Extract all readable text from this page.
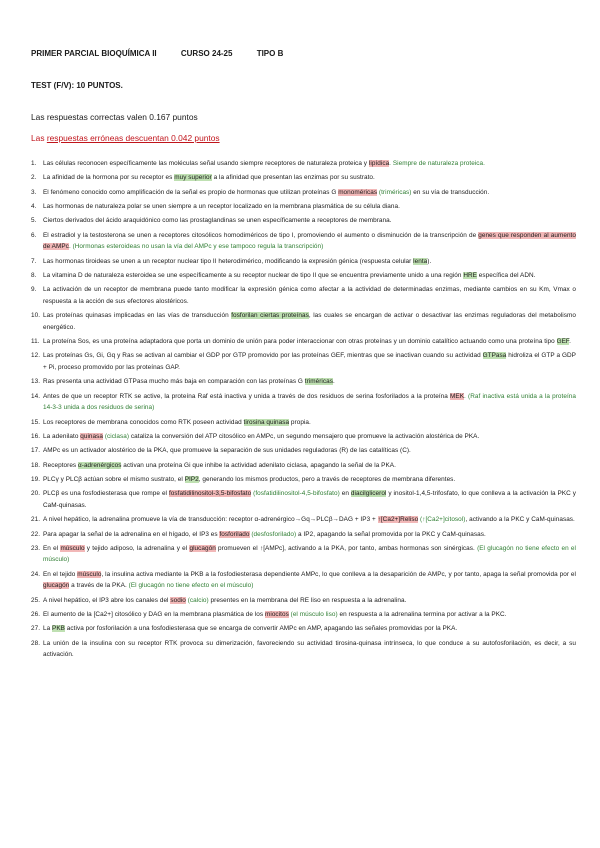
PRIMER PARCIAL BIOQUÍMICA II	CURSO 24-25	TIPO B
TEST (F/V): 10 PUNTOS.
Las respuestas correctas valen 0.167 puntos
Las respuestas erróneas descuentan 0.042 puntos
1. Las células reconocen específicamente las moléculas señal usando siempre receptores de naturaleza proteica y lipídica. Siempre de naturaleza proteica.
2. La afinidad de la hormona por su receptor es muy superior a la afinidad que presentan las enzimas por su sustrato.
3. El fenómeno conocido como amplificación de la señal es propio de hormonas que utilizan proteínas G monoméricas (triméricas) en su vía de transducción.
4. Las hormonas de naturaleza polar se unen siempre a un receptor localizado en la membrana plasmática de su célula diana.
5. Ciertos derivados del ácido araquidónico como las prostaglandinas se unen específicamente a receptores de membrana.
6. El estradiol y la testosterona se unen a receptores citosólicos homodiméricos de tipo I, promoviendo el aumento o disminución de la transcripción de genes que responden al aumento de AMPc. (Hormonas esteroideas no usan la vía del AMPc y ese tampoco regula la transcripción)
7. Las hormonas tiroideas se unen a un receptor nuclear tipo II heterodimérico, modificando la expresión génica (respuesta celular lenta).
8. La vitamina D de naturaleza esteroidea se une específicamente a su receptor nuclear de tipo II que se encuentra previamente unido a una región HRE específica del ADN.
9. La activación de un receptor de membrana puede tanto modificar la expresión génica como afectar a la actividad de determinadas enzimas, mediante cambios en su Km, Vmax o respuesta a la acción de sus efectores alostéricos.
10. Las proteínas quinasas implicadas en las vías de transducción fosforilan ciertas proteínas, las cuales se encargan de activar o desactivar las enzimas reguladoras del metabolismo energético.
11. La proteína Sos, es una proteína adaptadora que porta un dominio de unión para poder interaccionar con otras proteínas y un dominio catalítico actuando como una proteína tipo GEF.
12. Las proteínas Gs, Gi, Gq y Ras se activan al cambiar el GDP por GTP promovido por las proteínas GEF, mientras que se inactivan cuando su actividad GTPasa hidroliza el GTP a GDP + Pi, proceso promovido por las proteínas GAP.
13. Ras presenta una actividad GTPasa mucho más baja en comparación con las proteínas G triméricas.
14. Antes de que un receptor RTK se active, la proteína Raf está inactiva y unida a través de dos residuos de serina fosforilados a la proteína MEK. (Raf inactiva está unida a la proteína 14-3-3 unida a dos residuos de serina)
15. Los receptores de membrana conocidos como RTK poseen actividad tirosina quinasa propia.
16. La adenilato quinasa (ciclasa) cataliza la conversión del ATP citosólico en AMPc, un segundo mensajero que promueve la activación alostérica de PKA.
17. AMPc es un activador alostérico de la PKA, que promueve la separación de sus unidades reguladoras (R) de las catalíticas (C).
18. Receptores α-adrenérgicos activan una proteína Gi que inhibe la actividad adenilato ciclasa, apagando la señal de la PKA.
19. PLCγ y PLCβ actúan sobre el mismo sustrato, el PIP2, generando los mismos productos, pero a través de receptores de membrana diferentes.
20. PLCβ es una fosfodiesterasa que rompe el fosfatidilinositol-3,5-bifosfato (fosfatidilinositol-4,5-bifosfato) en diacilglicerol y inositol-1,4,5-trifosfato, lo que conlleva a la activación la PKC y CaM-quinasas.
21. A nivel hepático, la adrenalina promueve la vía de transducción: receptor α-adrenérgico→Gq→PLCβ→DAG + IP3 + ↑[Ca2+]Reliso (↑[Ca2+]citosol), activando a la PKC y CaM-quinasas.
22. Para apagar la señal de la adrenalina en el hígado, el IP3 es fosforilado (desfosforilado) a IP2, apagando la señal promovida por la PKC y CaM-quinasas.
23. En el músculo y tejido adiposo, la adrenalina y el glucagón promueven el ↑[AMPc], activando a la PKA, por tanto, ambas hormonas son sinérgicas. (El glucagón no tiene efecto en el músculo)
24. En el tejido músculo, la insulina activa mediante la PKB a la fosfodiesterasa dependiente AMPc, lo que conlleva a la desaparición de AMPc, y por tanto, apaga la señal promovida por el glucagón a través de la PKA. (El glucagón no tiene efecto en el músculo)
25. A nivel hepático, el IP3 abre los canales del sodio (calcio) presentes en la membrana del RE liso en respuesta a la adrenalina.
26. El aumento de la [Ca2+] citosólico y DAG en la membrana plasmática de los miocitos (el músculo liso) en respuesta a la adrenalina termina por activar a la PKC.
27. La PKB activa por fosforilación a una fosfodiesterasa que se encarga de convertir AMPc en AMP, apagando las señales promovidas por la PKA.
28. La unión de la insulina con su receptor RTK provoca su dimerización, favoreciendo su actividad tirosina-quinasa intrínseca, lo que conduce a su autofosforilación, es decir, a su activación.
